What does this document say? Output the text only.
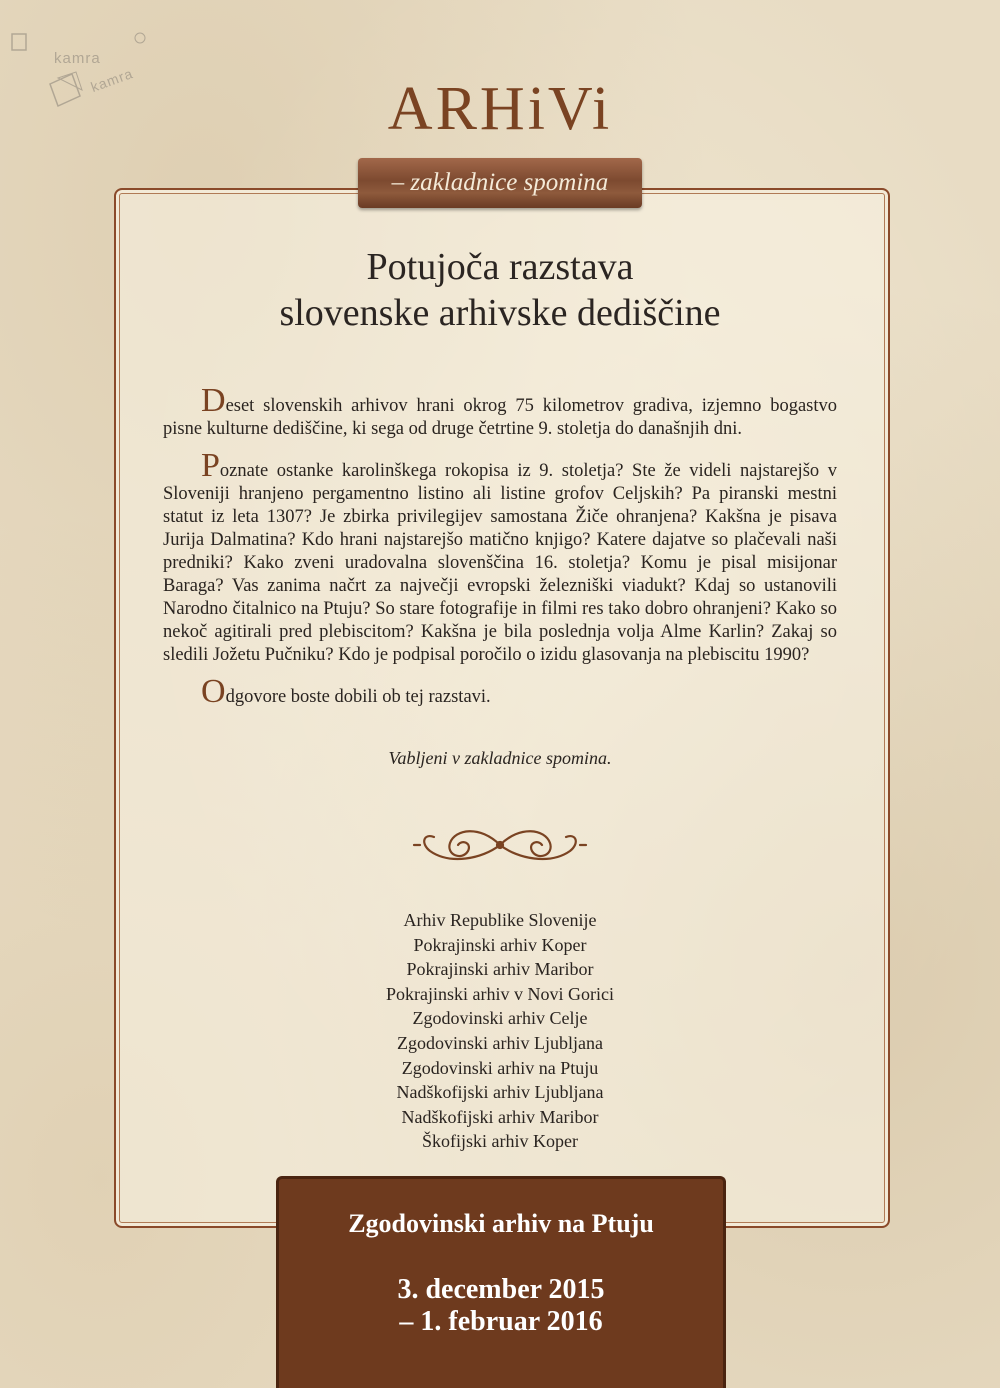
kamra
kamra	ARHiVi
– zakladnice spomina
Potujoča razstava
slovenske arhivske dediščine

Deset slovenskih arhivov hrani okrog 75 kilometrov gradiva, izjemno bogastvo pisne kulturne dediščine, ki sega od druge četrtine 9. stoletja do današnjih dni.

Poznate ostanke karolinškega rokopisa iz 9. stoletja? Ste že videli najstarejšo v Sloveniji hranjeno pergamentno listino ali listine grofov Celjskih? Pa piranski mestni statut iz leta 1307? Je zbirka privilegijev samostana Žiče ohranjena? Kakšna je pisava Jurija Dalmatina? Kdo hrani najstarejšo matično knjigo? Katere dajatve so plačevali naši predniki? Kako zveni uradovalna slovenščina 16. stoletja? Komu je pisal misijonar Baraga? Vas zanima načrt za največji evropski železniški viadukt? Kdaj so ustanovili Narodno čitalnico na Ptuju? So stare fotografije in filmi res tako dobro ohranjeni? Kako so nekoč agitirali pred plebiscitom? Kakšna je bila poslednja volja Alme Karlin? Zakaj so sledili Jožetu Pučniku? Kdo je podpisal poročilo o izidu glasovanja na plebiscitu 1990?

Odgovore boste dobili ob tej razstavi.

Vabljeni v zakladnice spomina.
Arhiv Republike Slovenije
Pokrajinski arhiv Koper
Pokrajinski arhiv Maribor
Pokrajinski arhiv v Novi Gorici
Zgodovinski arhiv Celje
Zgodovinski arhiv Ljubljana
Zgodovinski arhiv na Ptuju
Nadškofijski arhiv Ljubljana
Nadškofijski arhiv Maribor
Škofijski arhiv Koper
Zgodovinski arhiv na Ptuju
3. december 2015
– 1. februar 2016
